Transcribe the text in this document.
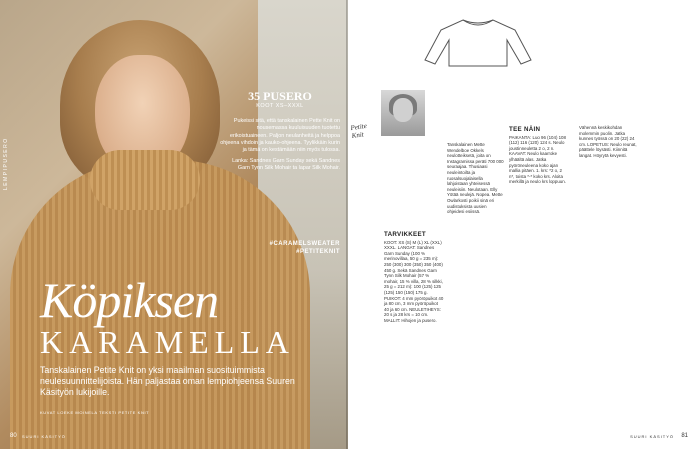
LEMPIPUSERO
35 PUSERO
KOOT XS–XXXL
Pukeissi sitä, että tanskalainen Pette Knit on nousemassa kuuluisuuden tuotettu erikoistuaineen. Paljon neulanheitä ja helppoa ohjeena vihdoin ja kauko-ohjeena. Tyylikkäin kurin ja tämä on kestämään niin myös tulossa.
Lanka: Sandnes Garn Sunday sekä Sandnes Garn Tynn Silk Mohair ta lapar Silk Mohair.
#CARAMELSWEATER
#PETITEKNIT
Köpiksen
KARAMELLA
Tanskalainen Petite Knit on yksi maailman suosituimmista neulesuunnittelijoista. Hän paljastaa oman lempiohjeensa Suuren Käsityön lukijoille.
KUVAT LOEKE MOINELA TEKSTI PETITE KNIT
80 SUURI KÄSITYÖ
Petite Knit
Tanskalainen Mette Wendelboe Okkels neulotteiksetä, joita on Instagramissa peräti 700 000 seuraajaa. Thusiaasi neuleintoilta ja ruosalsuojalaisella lahjoistaan yhteisessä neuleisiin. Neulotaan. Elly Yötää neulejä. Nopea. Mette Owlarkosti poikii sinä eri uudistuksista uusien ohjeidesi esiissä.
TARVIKKEET
KOOT: XS (S) M (L) XL (XXL) XXXL. LANGAT: Sandnes Garn Sunday (100 % merinovillaa, 50 g = 235 m): 250 (300) 300 (350) 350 (400) 450 g. Sekä Sandnes Garn Tynn Silk Mohair (57 % mohair, 15 % villa, 28 % silkki, 25 g = 212 m): 100 (125) 125 (125) 150 (150) 175 g. PUIKOT: 4 mm pyöröpuikot 40 ja 80 cm, 3 mm pyöröpuikot 40 ja 60 cm. NEULETIHEYS: 20 s ja 28 krs = 10 cm. MALLIT: Hihojen ja pusero.
TEE NÄIN
PAIKANTA: Luo 96 (104) 108 (112) 116 (120) 124 s. Neulo joustinneuletta 2 o, 2 n. KAAVAT: Neulo kaarroke ylhäältä alas. Jatka pyöröneuleena koko ajan mallia pitäen. 1. krs: *2 o, 2 n*, toista *-* koko krs. Aloita merkillä ja neulo krs loppuun.
Vähennä keskikohdan molemmin puolin. Jatka kunnes työssä on 20 (22) 24 cm. LOPETUS: Neulo reunat, päättele löysästi. Kiinnitä langat. Höyrytä kevyesti.
SUURI KÄSITYÖ 81
